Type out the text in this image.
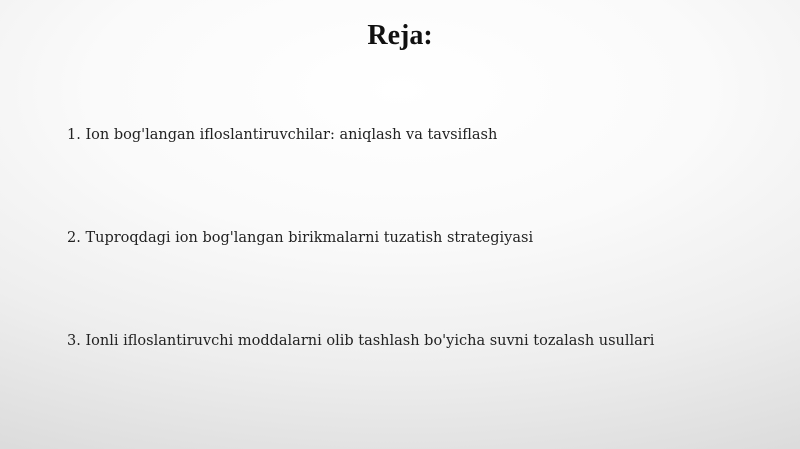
Reja:

1. Ion bog'langan ifloslantiruvchilar: aniqlash va tavsiflash

2. Tuproqdagi ion bog'langan birikmalarni tuzatish strategiyasi

3. Ionli ifloslantiruvchi moddalarni olib tashlash bo'yicha suvni tozalash usullari
